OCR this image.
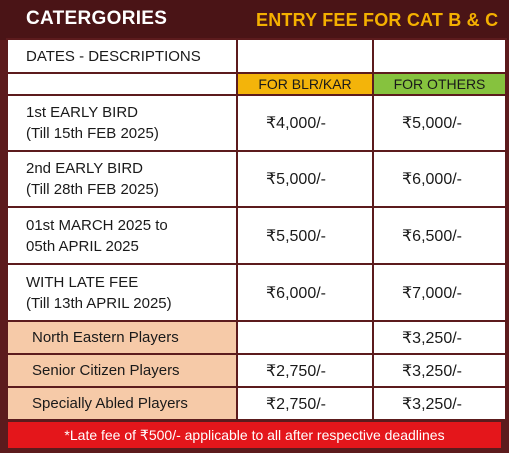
CATERGORIES	ENTRY FEE FOR CAT B & C
DATES - DESCRIPTIONS		
	FOR BLR/KAR	FOR OTHERS
1st EARLY BIRD
(Till 15th FEB 2025)	₹4,000/-	₹5,000/-
2nd EARLY BIRD
(Till 28th FEB 2025)	₹5,000/-	₹6,000/-
01st MARCH 2025 to
05th APRIL 2025	₹5,500/-	₹6,500/-
WITH LATE FEE
(Till 13th APRIL 2025)	₹6,000/-	₹7,000/-
North Eastern Players		₹3,250/-
Senior Citizen Players	₹2,750/-	₹3,250/-
Specially Abled Players	₹2,750/-	₹3,250/-
*Late fee of ₹500/- applicable to all after respective deadlines
